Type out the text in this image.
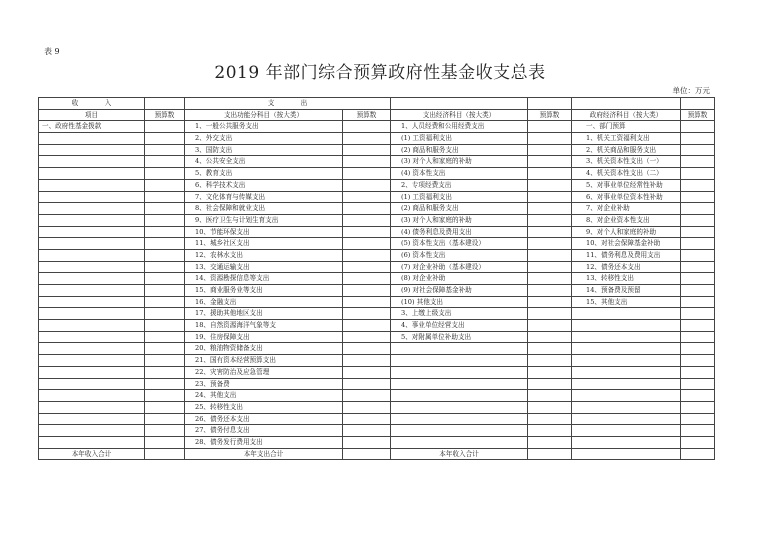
表 9
2019 年部门综合预算政府性基金收支总表
单位：万元
收　　　　入		支　　　　出					
项目	预算数	支出功能分科目（按大类）	预算数	支出经济科目（按大类）	预算数	政府经济科目（按大类）	预算数
一、政府性基金拨款		1、一般公共服务支出		1、人员经费和公用经费支出		一、部门预算	
		2、外交支出		(1) 工资福利支出		1、机关工资福利支出	
		3、国防支出		(2) 商品和服务支出		2、机关商品和服务支出	
		4、公共安全支出		(3) 对个人和家庭的补助		3、机关资本性支出（一）	
		5、教育支出		(4) 资本性支出		4、机关资本性支出（二）	
		6、科学技术支出		2、专项经费支出		5、对事业单位经常性补助	
		7、文化体育与传媒支出		(1) 工资福利支出		6、对事业单位资本性补助	
		8、社会保障和就业支出		(2) 商品和服务支出		7、对企业补助	
		9、医疗卫生与计划生育支出		(3) 对个人和家庭的补助		8、对企业资本性支出	
		10、节能环保支出		(4) 债务利息及费用支出		9、对个人和家庭的补助	
		11、城乡社区支出		(5) 资本性支出（基本建设）		10、对社会保障基金补助	
		12、农林水支出		(6) 资本性支出		11、债务利息及费用支出	
		13、交通运输支出		(7) 对企业补助（基本建设）		12、债务还本支出	
		14、资源勘探信息等支出		(8) 对企业补助		13、转移性支出	
		15、商业服务业等支出		(9) 对社会保障基金补助		14、预备费及预留	
		16、金融支出		(10) 其他支出		15、其他支出	
		17、援助其他地区支出		3、上缴上级支出			
		18、自然资源海洋气象等支		4、事业单位经营支出			
		19、住房保障支出		5、对附属单位补助支出			
		20、粮油物资储备支出					
		21、国有资本经营预算支出					
		22、灾害防治及应急管理					
		23、预备费					
		24、其他支出					
		25、转移性支出					
		26、债务还本支出					
		27、债务付息支出					
		28、债务发行费用支出					
本年收入合计		本年支出合计		本年收入合计			
